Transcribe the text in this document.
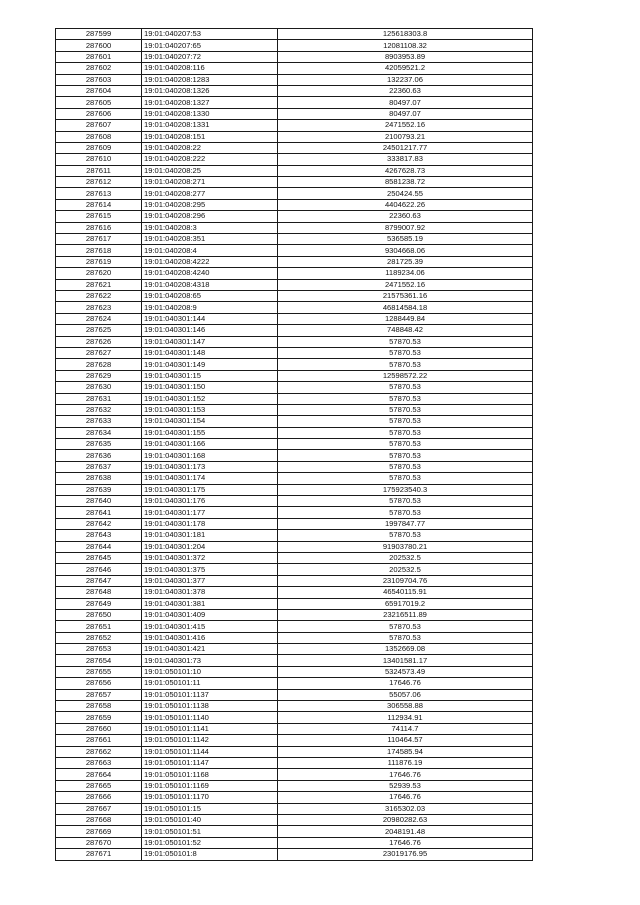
287599	19:01:040207:53	125618303.8
287600	19:01:040207:65	12081108.32
287601	19:01:040207:72	8903953.89
287602	19:01:040208:116	42059521.2
287603	19:01:040208:1283	132237.06
287604	19:01:040208:1326	22360.63
287605	19:01:040208:1327	80497.07
287606	19:01:040208:1330	80497.07
287607	19:01:040208:1331	2471552.16
287608	19:01:040208:151	2100793.21
287609	19:01:040208:22	24501217.77
287610	19:01:040208:222	333817.83
287611	19:01:040208:25	4267628.73
287612	19:01:040208:271	8581238.72
287613	19:01:040208:277	250424.55
287614	19:01:040208:295	4404622.26
287615	19:01:040208:296	22360.63
287616	19:01:040208:3	8799007.92
287617	19:01:040208:351	536585.19
287618	19:01:040208:4	9304668.06
287619	19:01:040208:4222	281725.39
287620	19:01:040208:4240	1189234.06
287621	19:01:040208:4318	2471552.16
287622	19:01:040208:65	21575361.16
287623	19:01:040208:9	46814584.18
287624	19:01:040301:144	1288449.84
287625	19:01:040301:146	748848.42
287626	19:01:040301:147	57870.53
287627	19:01:040301:148	57870.53
287628	19:01:040301:149	57870.53
287629	19:01:040301:15	12598572.22
287630	19:01:040301:150	57870.53
287631	19:01:040301:152	57870.53
287632	19:01:040301:153	57870.53
287633	19:01:040301:154	57870.53
287634	19:01:040301:155	57870.53
287635	19:01:040301:166	57870.53
287636	19:01:040301:168	57870.53
287637	19:01:040301:173	57870.53
287638	19:01:040301:174	57870.53
287639	19:01:040301:175	175923540.3
287640	19:01:040301:176	57870.53
287641	19:01:040301:177	57870.53
287642	19:01:040301:178	1997847.77
287643	19:01:040301:181	57870.53
287644	19:01:040301:204	91903780.21
287645	19:01:040301:372	202532.5
287646	19:01:040301:375	202532.5
287647	19:01:040301:377	23109704.76
287648	19:01:040301:378	46540115.91
287649	19:01:040301:381	65917019.2
287650	19:01:040301:409	23216511.89
287651	19:01:040301:415	57870.53
287652	19:01:040301:416	57870.53
287653	19:01:040301:421	1352669.08
287654	19:01:040301:73	13401581.17
287655	19:01:050101:10	5324573.49
287656	19:01:050101:11	17646.76
287657	19:01:050101:1137	55057.06
287658	19:01:050101:1138	306558.88
287659	19:01:050101:1140	112934.91
287660	19:01:050101:1141	74114.7
287661	19:01:050101:1142	110464.57
287662	19:01:050101:1144	174585.94
287663	19:01:050101:1147	111876.19
287664	19:01:050101:1168	17646.76
287665	19:01:050101:1169	52939.53
287666	19:01:050101:1170	17646.76
287667	19:01:050101:15	3165302.03
287668	19:01:050101:40	20980282.63
287669	19:01:050101:51	2048191.48
287670	19:01:050101:52	17646.76
287671	19:01:050101:8	23019176.95
